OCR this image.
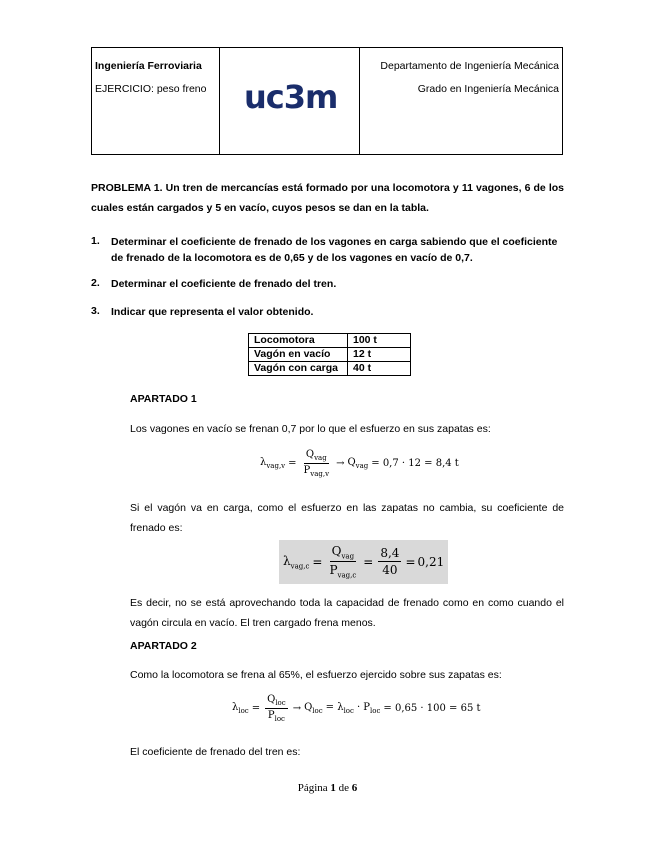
Ingeniería Ferroviaria
EJERCICIO: peso freno uc3m
Departamento de Ingeniería Mecánica
Grado en Ingeniería Mecánica
PROBLEMA 1. Un tren de mercancías está formado por una locomotora y 11 vagones, 6 de los cuales están cargados y 5 en vacío, cuyos pesos se dan en la tabla.
1. Determinar el coeficiente de frenado de los vagones en carga sabiendo que el coeficiente de frenado de la locomotora es de 0,65 y de los vagones en vacío de 0,7.
2. Determinar el coeficiente de frenado del tren.
3. Indicar que representa el valor obtenido.
Locomotora	100 t
Vagón en vacío	12 t
Vagón con carga	40 t
APARTADO 1
Los vagones en vacío se frenan 0,7 por lo que el esfuerzo en sus zapatas es:
$\lambda_{vag,v} = \frac{Q_{vag}}{P_{vag,v}} \to Q_{vag} = 0,7 \cdot 12 = 8,4$ t
Si el vagón va en carga, como el esfuerzo en las zapatas no cambia, su coeficiente de frenado es:
$\lambda_{vag,c} = \frac{Q_{vag}}{P_{vag,c}} = \frac{8,4}{40} = 0,21$
Es decir, no se está aprovechando toda la capacidad de frenado como en como cuando el vagón circula en vacío. El tren cargado frena menos.
APARTADO 2
Como la locomotora se frena al 65%, el esfuerzo ejercido sobre sus zapatas es:
$\lambda_{loc} = \frac{Q_{loc}}{P_{loc}} \to Q_{loc} = \lambda_{loc} \cdot P_{loc} = 0,65 \cdot 100 = 65$ t
El coeficiente de frenado del tren es:
Página 1 de 6
